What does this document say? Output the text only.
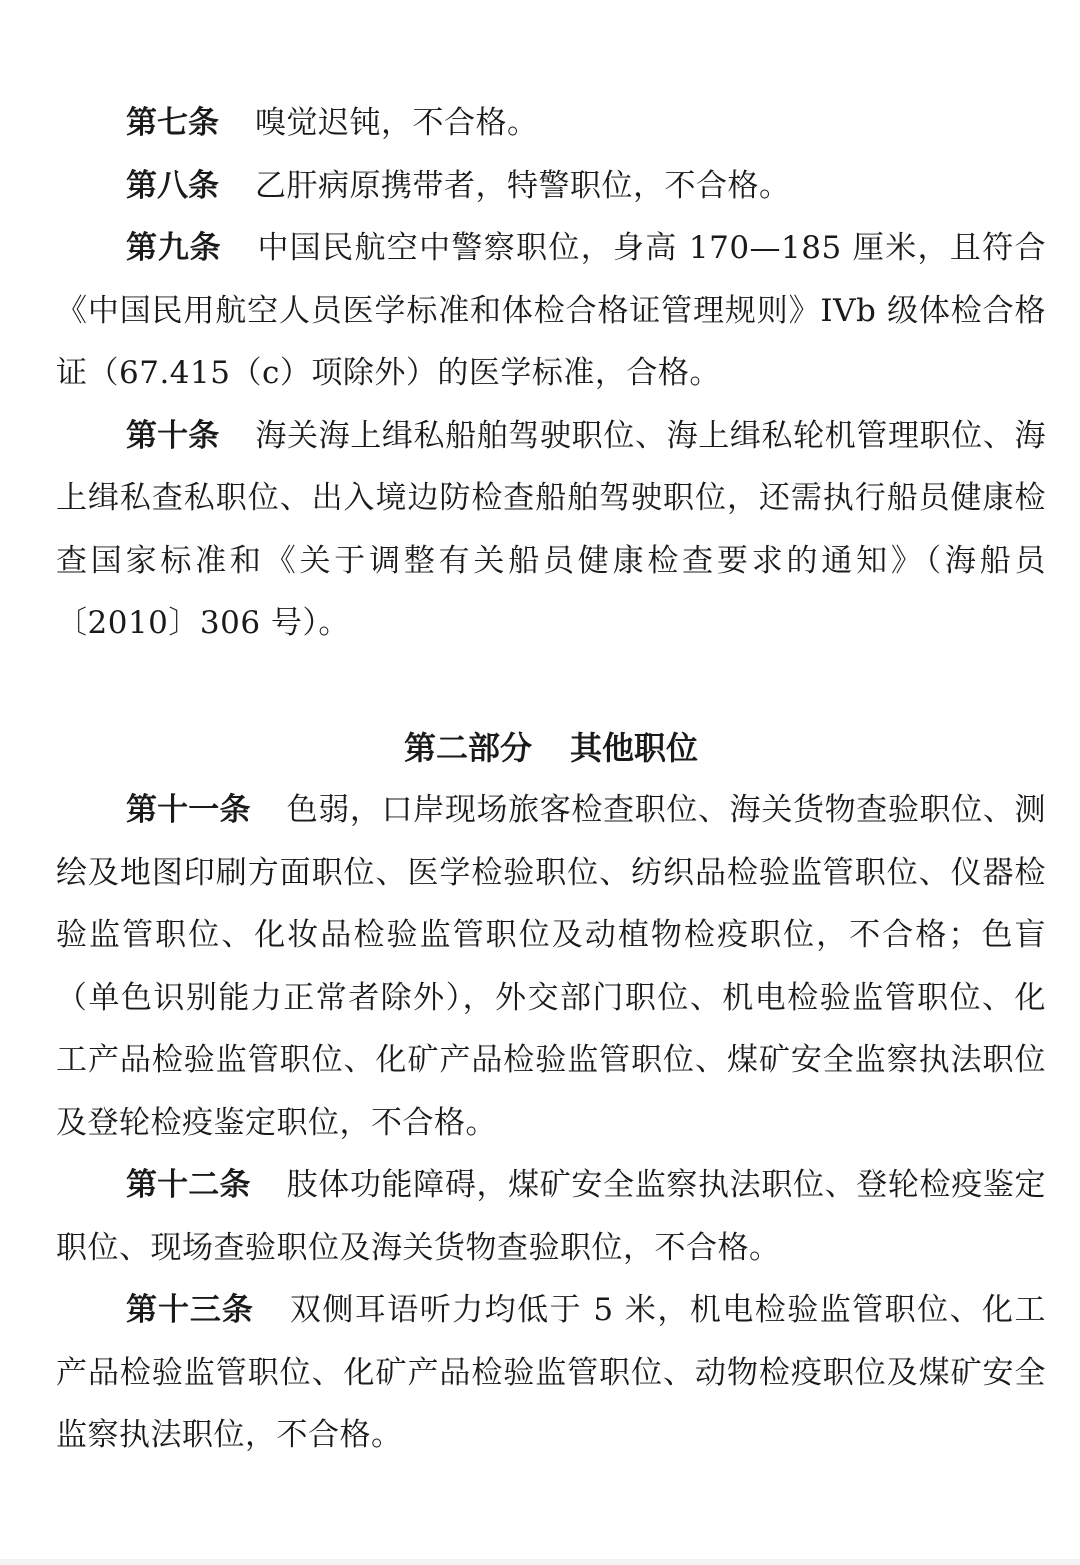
第七条 嗅觉迟钝，不合格。

第八条 乙肝病原携带者，特警职位，不合格。

第九条 中国民航空中警察职位，身高 170—185 厘米，且符合《中国民用航空人员医学标准和体检合格证管理规则》IVb 级体检合格证（67.415（c）项除外）的医学标准，合格。

第十条 海关海上缉私船舶驾驶职位、海上缉私轮机管理职位、海上缉私查私职位、出入境边防检查船舶驾驶职位，还需执行船员健康检查国家标准和《关于调整有关船员健康检查要求的通知》（海船员〔2010〕306 号）。

第二部分 其他职位

第十一条 色弱，口岸现场旅客检查职位、海关货物查验职位、测绘及地图印刷方面职位、医学检验职位、纺织品检验监管职位、仪器检验监管职位、化妆品检验监管职位及动植物检疫职位，不合格；色盲（单色识别能力正常者除外），外交部门职位、机电检验监管职位、化工产品检验监管职位、化矿产品检验监管职位、煤矿安全监察执法职位及登轮检疫鉴定职位，不合格。

第十二条 肢体功能障碍，煤矿安全监察执法职位、登轮检疫鉴定职位、现场查验职位及海关货物查验职位，不合格。

第十三条 双侧耳语听力均低于 5 米，机电检验监管职位、化工产品检验监管职位、化矿产品检验监管职位、动物检疫职位及煤矿安全监察执法职位，不合格。
